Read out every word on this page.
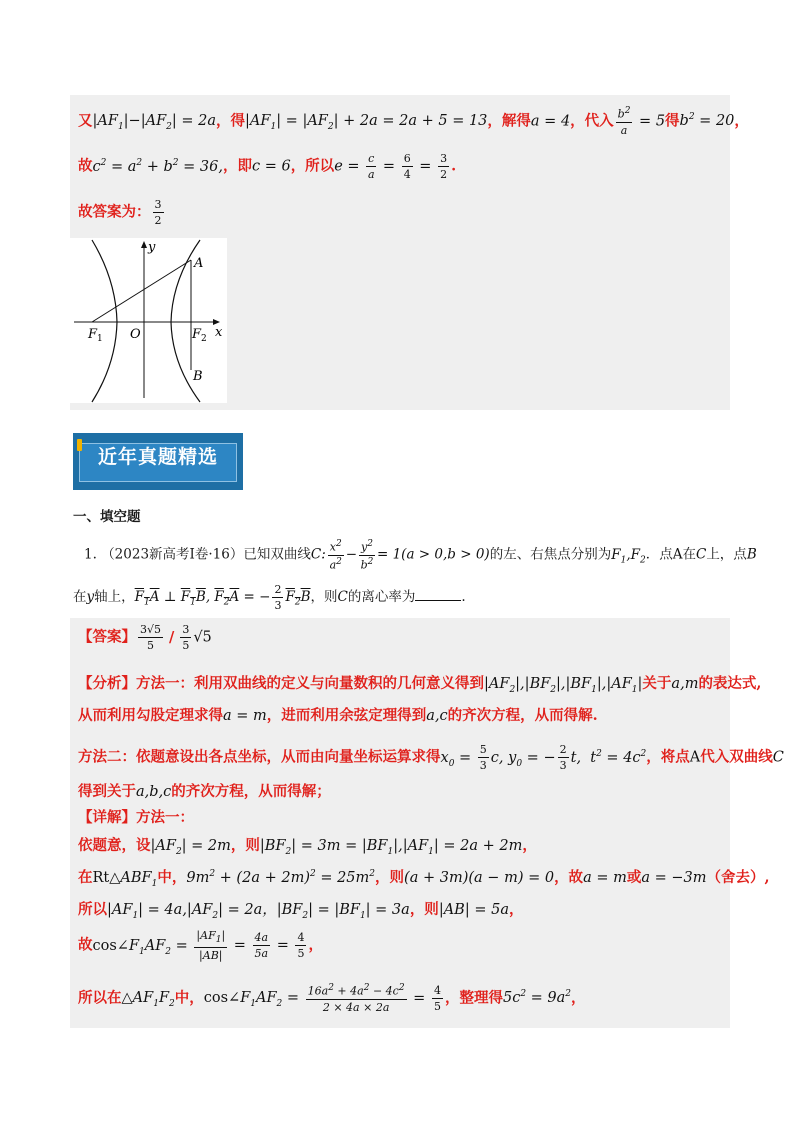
又$|AF_1|-|AF_2| = 2a$，得$|AF_1| = |AF_2| + 2a = 2a + 5 = 13$，解得a = 4，代入 $\frac{b^2}{a} = 5$得$b^2 = 20$，
故$c^2 = a^2 + b^2 = 36$,，即c = 6，所以$e = \frac{c}{a} = \frac{6}{4} = \frac{3}{2}$ .
故答案为： $\frac{3}{2}$
y
A
F 1 O	F 2 x
B
近年真题精选
一、填空题
1. （2023新高考I卷·16）已知双曲线C: $\frac{x^2}{a^2} - \frac{y^2}{b^2} = 1(a > 0,b > 0)$的左、右焦点分别为$F_1,F_2$．点A在C上，点B
在y轴上，$F_1A$ ⊥ $F_1B$, $F_2A$ = − $\frac{2}{3} F_2B$，则C的离心率为	.
【答案】 $\frac{3√5}{5} / \frac{3}{5} √5$
【分析】方法一：利用双曲线的定义与向量数积的几何意义得到$|AF_2|,|BF_2|,|BF_1|,|AF_1|$关于a,m的表达式,
从而利用勾股定理求得a = m，进而利用余弦定理得到a,c的齐次方程，从而得解.
方法二：依题意设出各点坐标，从而由向量坐标运算求得$x_0 = \frac{5}{3} c$, $y_0$ = − $\frac{2}{3} t$,  $t^2 = 4c^2$，将点A代入双曲线C
得到关于a,b,c的齐次方程，从而得解；
【详解】方法一：
依题意，设$|AF_2| = 2m$，则$|BF_2| = 3m = |BF_1|,|AF_1| = 2a + 2m$，
在$Rt\triangle ABF_1$中，$9m^2 + (2a + 2m)^2 = 25m^2$，则(a + 3m)(a − m) = 0，故a = m或a = −3m（舍去）,
所以$|AF_1| = 4a,|AF_2| = 2a$，$|BF_2| = |BF_1| = 3a$，则|AB| = 5a，
故$\cos\angle F_1AF_2 = \frac{|AF_1|}{|AB|} = \frac{4a}{5a} = \frac{4}{5}$ ，
所以在$\triangle AF_1F_2$中，$\cos\angle F_1AF_2 = \frac{16a^2 + 4a^2 - 4c^2}{2 \times 4a \times 2a} = \frac{4}{5}$ ，整理得$5c^2 = 9a^2$，
